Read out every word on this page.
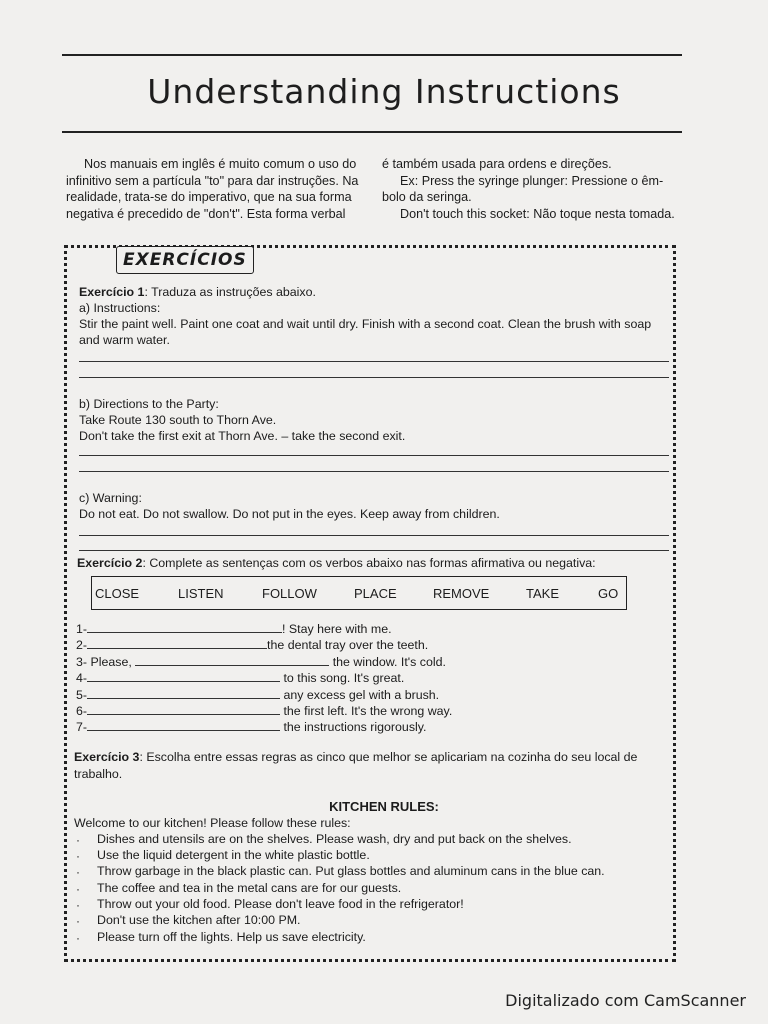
Understanding Instructions

Nos manuais em inglês é muito comum o uso do

infinitivo sem a partícula "to" para dar instruções. Na

realidade, trata-se do imperativo, que na sua forma

negativa é precedido de "don't". Esta forma verbal

é também usada para ordens e direções.

Ex: Press the syringe plunger: Pressione o êm-

bolo da seringa.

Don't touch this socket: Não toque nesta tomada.

EXERCÍCIOS
Exercício 1: Traduza as instruções abaixo.
a) Instructions:
Stir the paint well. Paint one coat and wait until dry. Finish with a second coat. Clean the brush with soap
and warm water.
b) Directions to the Party:
Take Route 130 south to Thorn Ave.
Don't take the first exit at Thorn Ave. – take the second exit.
c) Warning:
Do not eat. Do not swallow. Do not put in the eyes. Keep away from children.
Exercício 2: Complete as sentenças com os verbos abaixo nas formas afirmativa ou negativa:
CLOSE	LISTEN	FOLLOW	PLACE	REMOVE	TAKE	GO
1-	! Stay here with me.
2-	the dental tray over the teeth.
3- Please,	the window. It's cold.
4-	to this song. It's great.
5-	any excess gel with a brush.
6-	the first left. It's the wrong way.
7-	the instructions rigorously.
Exercício 3: Escolha entre essas regras as cinco que melhor se aplicariam na cozinha do seu local de
trabalho.
KITCHEN RULES:
Welcome to our kitchen! Please follow these rules:
· Dishes and utensils are on the shelves. Please wash, dry and put back on the shelves.
· Use the liquid detergent in the white plastic bottle.
· Throw garbage in the black plastic can. Put glass bottles and aluminum cans in the blue can.
· The coffee and tea in the metal cans are for our guests.
· Throw out your old food. Please don't leave food in the refrigerator!
· Don't use the kitchen after 10:00 PM.
· Please turn off the lights. Help us save electricity.
Digitalizado com CamScanner
